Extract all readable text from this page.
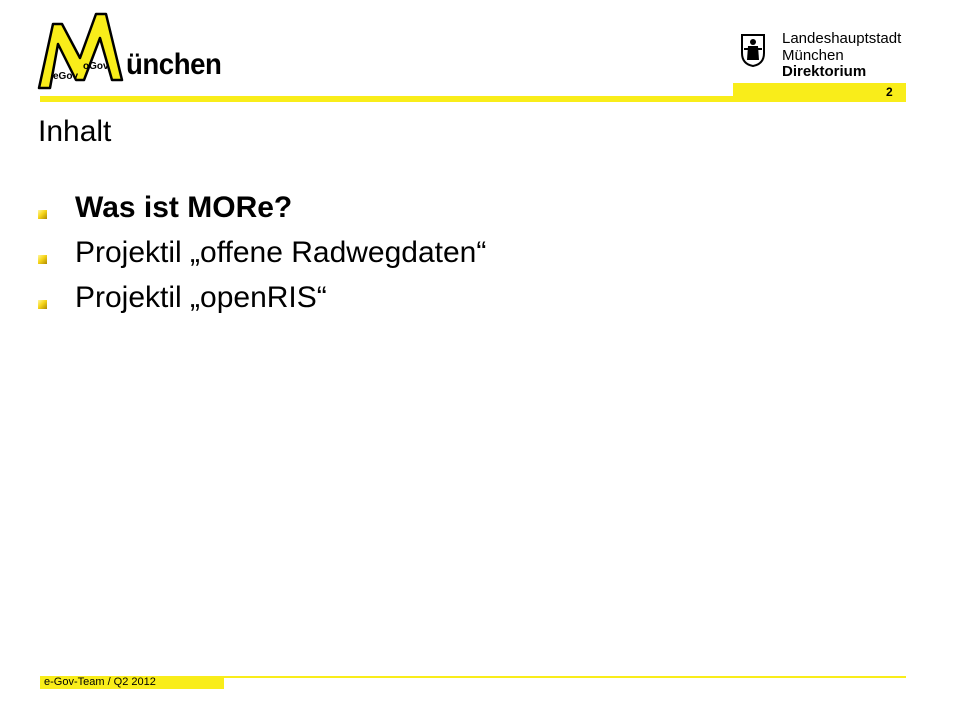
eGov
oGov ünchen
2
Landeshauptstadt
München
Direktorium
Inhalt
Was ist MORe?
Projektil „offene Radwegdaten“
Projektil „openRIS“
e-Gov-Team / Q2 2012
